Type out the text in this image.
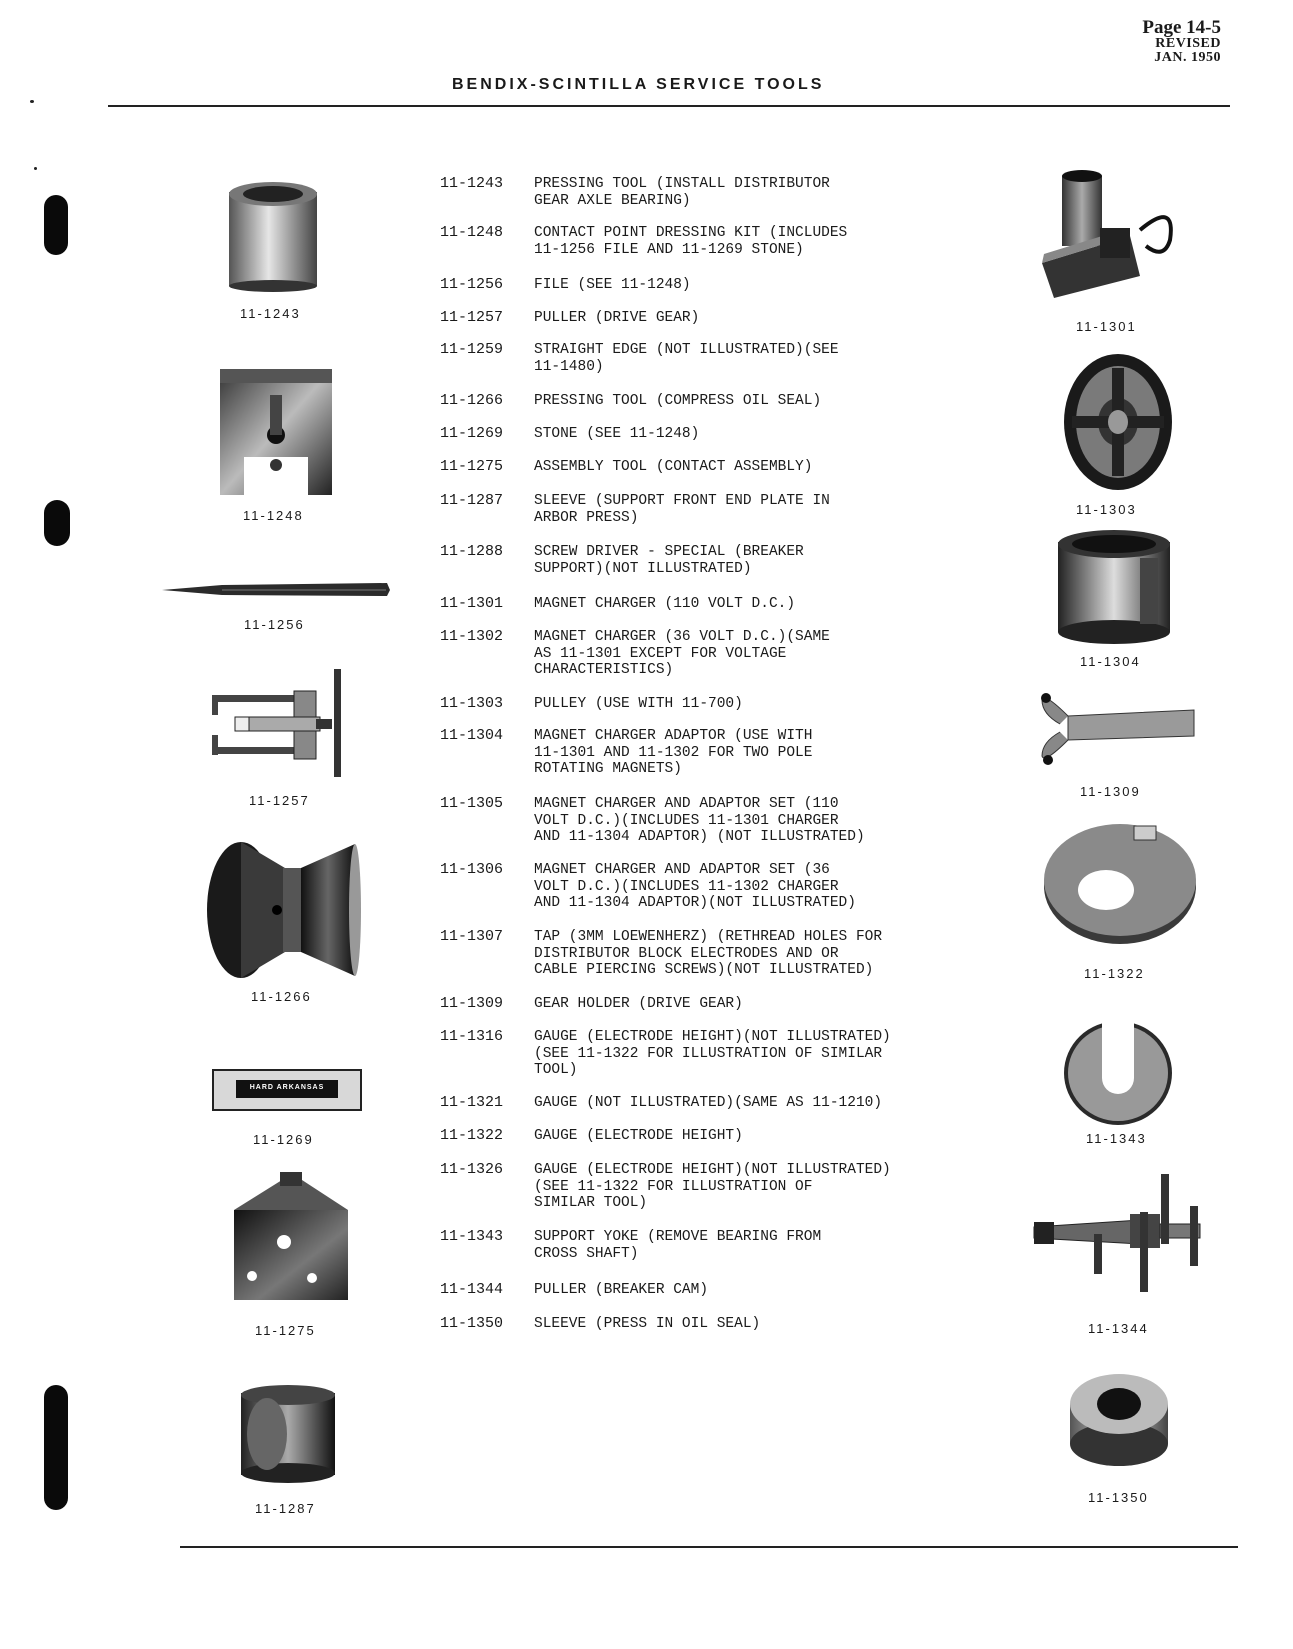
Page 14-5
REVISED
JAN. 1950
BENDIX-SCINTILLA SERVICE TOOLS
11-1243
11-1248
11-1256
11-1257
11-1266
HARD ARKANSAS
11-1269
11-1275
11-1287
11-1301
11-1303
11-1304
11-1309
11-1322
11-1343
11-1344
11-1350
11-1243	PRESSING TOOL (INSTALL DISTRIBUTOR
GEAR AXLE BEARING)
11-1248	CONTACT POINT DRESSING KIT (INCLUDES
11-1256 FILE AND 11-1269 STONE)
11-1256	FILE (SEE 11-1248)
11-1257	PULLER (DRIVE GEAR)
11-1259	STRAIGHT EDGE (NOT ILLUSTRATED)(SEE
11-1480)
11-1266	PRESSING TOOL (COMPRESS OIL SEAL)
11-1269	STONE (SEE 11-1248)
11-1275	ASSEMBLY TOOL (CONTACT ASSEMBLY)
11-1287	SLEEVE (SUPPORT FRONT END PLATE IN
ARBOR PRESS)
11-1288	SCREW DRIVER - SPECIAL (BREAKER
SUPPORT)(NOT ILLUSTRATED)
11-1301	MAGNET CHARGER (110 VOLT D.C.)
11-1302	MAGNET CHARGER (36 VOLT D.C.)(SAME
AS 11-1301 EXCEPT FOR VOLTAGE
CHARACTERISTICS)
11-1303	PULLEY (USE WITH 11-700)
11-1304	MAGNET CHARGER ADAPTOR (USE WITH
11-1301 AND 11-1302 FOR TWO POLE
ROTATING MAGNETS)
11-1305	MAGNET CHARGER AND ADAPTOR SET (110
VOLT D.C.)(INCLUDES 11-1301 CHARGER
AND 11-1304 ADAPTOR) (NOT ILLUSTRATED)
11-1306	MAGNET CHARGER AND ADAPTOR SET (36
VOLT D.C.)(INCLUDES 11-1302 CHARGER
AND 11-1304 ADAPTOR)(NOT ILLUSTRATED)
11-1307	TAP (3MM LOEWENHERZ) (RETHREAD HOLES FOR
DISTRIBUTOR BLOCK ELECTRODES AND OR
CABLE PIERCING SCREWS)(NOT ILLUSTRATED)
11-1309	GEAR HOLDER (DRIVE GEAR)
11-1316	GAUGE (ELECTRODE HEIGHT)(NOT ILLUSTRATED)
(SEE 11-1322 FOR ILLUSTRATION OF SIMILAR
TOOL)
11-1321	GAUGE (NOT ILLUSTRATED)(SAME AS 11-1210)
11-1322	GAUGE (ELECTRODE HEIGHT)
11-1326	GAUGE (ELECTRODE HEIGHT)(NOT ILLUSTRATED)
(SEE 11-1322 FOR ILLUSTRATION OF
SIMILAR TOOL)
11-1343	SUPPORT YOKE (REMOVE BEARING FROM
CROSS SHAFT)
11-1344	PULLER (BREAKER CAM)
11-1350	SLEEVE (PRESS IN OIL SEAL)
